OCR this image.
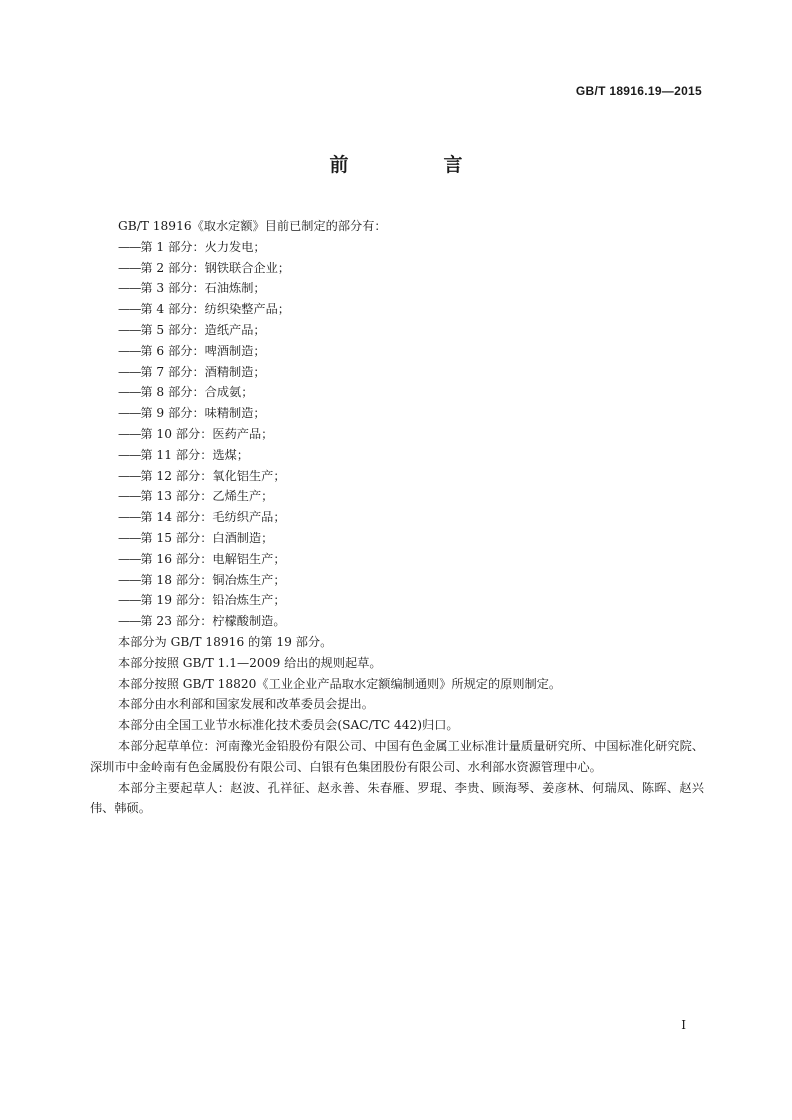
GB/T 18916.19—2015
前　言

GB/T 18916《取水定额》目前已制定的部分有：

——第 1 部分：火力发电；

——第 2 部分：钢铁联合企业；

——第 3 部分：石油炼制；

——第 4 部分：纺织染整产品；

——第 5 部分：造纸产品；

——第 6 部分：啤酒制造；

——第 7 部分：酒精制造；

——第 8 部分：合成氨；

——第 9 部分：味精制造；

——第 10 部分：医药产品；

——第 11 部分：选煤；

——第 12 部分：氧化铝生产；

——第 13 部分：乙烯生产；

——第 14 部分：毛纺织产品；

——第 15 部分：白酒制造；

——第 16 部分：电解铝生产；

——第 18 部分：铜冶炼生产；

——第 19 部分：铅冶炼生产；

——第 23 部分：柠檬酸制造。

本部分为 GB/T 18916 的第 19 部分。

本部分按照 GB/T 1.1—2009 给出的规则起草。

本部分按照 GB/T 18820《工业企业产品取水定额编制通则》所规定的原则制定。

本部分由水利部和国家发展和改革委员会提出。

本部分由全国工业节水标准化技术委员会(SAC/TC 442)归口。

本部分起草单位：河南豫光金铅股份有限公司、中国有色金属工业标准计量质量研究所、中国标准化研究院、深圳市中金岭南有色金属股份有限公司、白银有色集团股份有限公司、水利部水资源管理中心。

本部分主要起草人：赵波、孔祥征、赵永善、朱春雁、罗琨、李贵、顾海琴、姜彦林、何瑞凤、陈晖、赵兴伟、韩硕。

I
